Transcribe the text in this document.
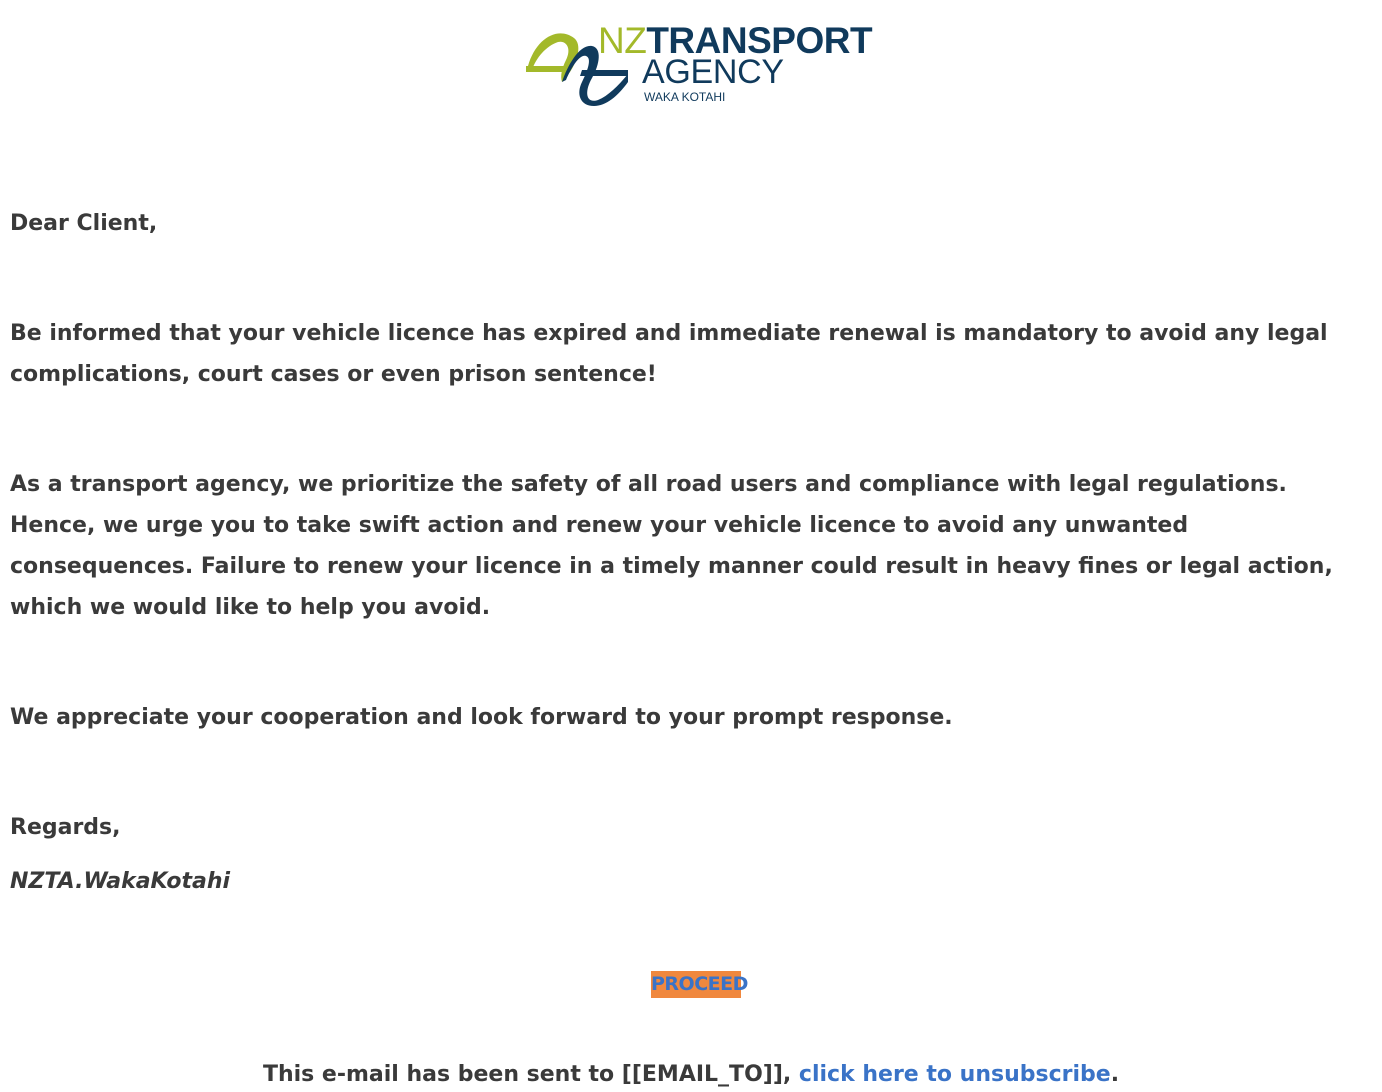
NZTRANSPORT
AGENCY
WAKA KOTAHI

Dear Client,

Be informed that your vehicle licence has expired and immediate renewal is mandatory to avoid any legal complications, court cases or even prison sentence!

As a transport agency, we prioritize the safety of all road users and compliance with legal regulations. Hence, we urge you to take swift action and renew your vehicle licence to avoid any unwanted consequences. Failure to renew your licence in a timely manner could result in heavy fines or legal action, which we would like to help you avoid.

We appreciate your cooperation and look forward to your prompt response.

Regards,

NZTA.WakaKotahi

PROCEED
This e-mail has been sent to [[EMAIL_TO]], click here to unsubscribe.
